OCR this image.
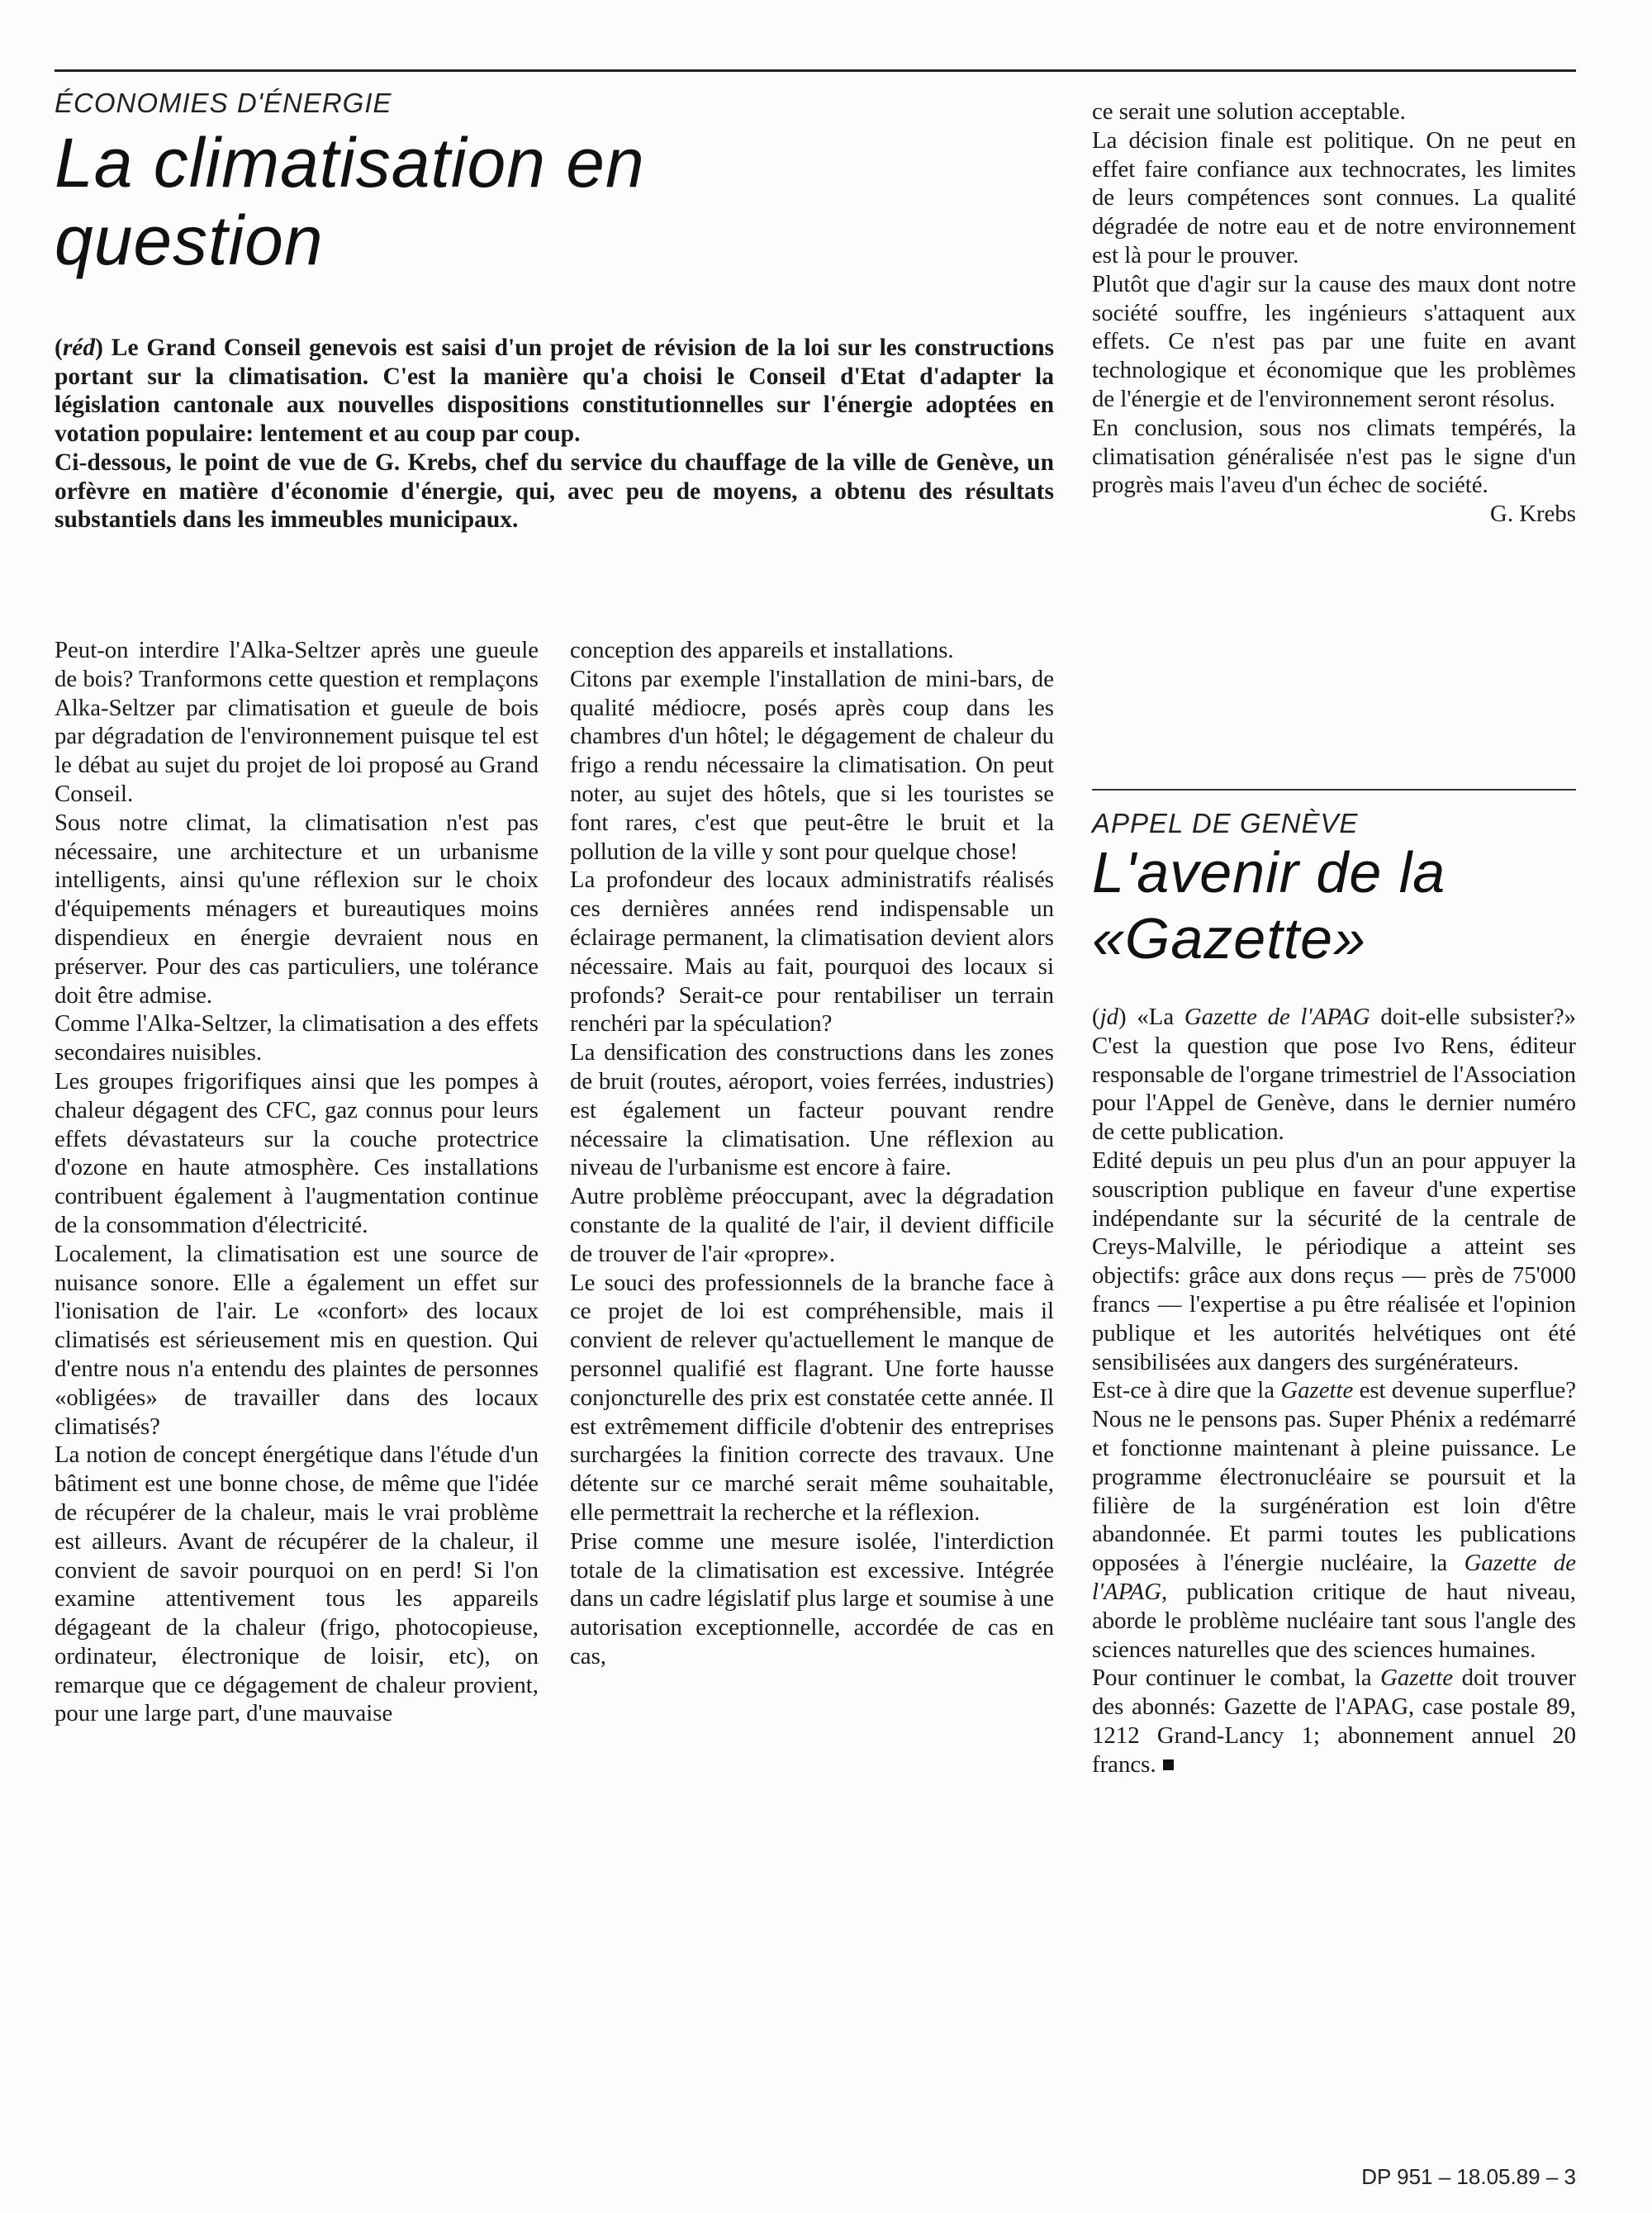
ÉCONOMIES D'ÉNERGIE
La climatisation en
question

(réd) Le Grand Conseil genevois est saisi d'un projet de révision de la loi sur les constructions portant sur la climatisation. C'est la manière qu'a choisi le Conseil d'Etat d'adapter la législation cantonale aux nouvelles dispositions constitutionnelles sur l'énergie adoptées en votation populaire: lentement et au coup par coup.

Ci-dessous, le point de vue de G. Krebs, chef du service du chauffage de la ville de Genève, un orfèvre en matière d'économie d'énergie, qui, avec peu de moyens, a obtenu des résultats substantiels dans les immeubles municipaux.

Peut-on interdire l'Alka-Seltzer après une gueule de bois? Tranformons cette question et remplaçons Alka-Seltzer par climatisation et gueule de bois par dégradation de l'environnement puisque tel est le débat au sujet du projet de loi proposé au Grand Conseil.

Sous notre climat, la climatisation n'est pas nécessaire, une architecture et un urbanisme intelligents, ainsi qu'une réflexion sur le choix d'équipements ménagers et bureautiques moins dispendieux en énergie devraient nous en préserver. Pour des cas particuliers, une tolérance doit être admise.

Comme l'Alka-Seltzer, la climatisation a des effets secondaires nuisibles.

Les groupes frigorifiques ainsi que les pompes à chaleur dégagent des CFC, gaz connus pour leurs effets dévastateurs sur la couche protectrice d'ozone en haute atmosphère. Ces installations contribuent également à l'augmentation continue de la consommation d'électricité.

Localement, la climatisation est une source de nuisance sonore. Elle a également un effet sur l'ionisation de l'air. Le «confort» des locaux climatisés est sérieusement mis en question. Qui d'entre nous n'a entendu des plaintes de personnes «obligées» de travailler dans des locaux climatisés?

La notion de concept énergétique dans l'étude d'un bâtiment est une bonne chose, de même que l'idée de récupérer de la chaleur, mais le vrai problème est ailleurs. Avant de récupérer de la chaleur, il convient de savoir pourquoi on en perd! Si l'on examine attentivement tous les appareils dégageant de la chaleur (frigo, photocopieuse, ordinateur, électronique de loisir, etc), on remarque que ce dégagement de chaleur provient, pour une large part, d'une mauvaise

conception des appareils et installations.

Citons par exemple l'installation de mini-bars, de qualité médiocre, posés après coup dans les chambres d'un hôtel; le dégagement de chaleur du frigo a rendu nécessaire la climatisation. On peut noter, au sujet des hôtels, que si les touristes se font rares, c'est que peut-être le bruit et la pollution de la ville y sont pour quelque chose!

La profondeur des locaux administratifs réalisés ces dernières années rend indispensable un éclairage permanent, la climatisation devient alors nécessaire. Mais au fait, pourquoi des locaux si profonds? Serait-ce pour rentabiliser un terrain renchéri par la spéculation?

La densification des constructions dans les zones de bruit (routes, aéroport, voies ferrées, industries) est également un facteur pouvant rendre nécessaire la climatisation. Une réflexion au niveau de l'urbanisme est encore à faire.

Autre problème préoccupant, avec la dégradation constante de la qualité de l'air, il devient difficile de trouver de l'air «propre».

Le souci des professionnels de la branche face à ce projet de loi est compréhensible, mais il convient de relever qu'actuellement le manque de personnel qualifié est flagrant. Une forte hausse conjoncturelle des prix est constatée cette année. Il est extrêmement difficile d'obtenir des entreprises surchargées la finition correcte des travaux. Une détente sur ce marché serait même souhaitable, elle permettrait la recherche et la réflexion.

Prise comme une mesure isolée, l'interdiction totale de la climatisation est excessive. Intégrée dans un cadre législatif plus large et soumise à une autorisation exceptionnelle, accordée de cas en cas,

ce serait une solution acceptable.

La décision finale est politique. On ne peut en effet faire confiance aux technocrates, les limites de leurs compétences sont connues. La qualité dégradée de notre eau et de notre environnement est là pour le prouver.

Plutôt que d'agir sur la cause des maux dont notre société souffre, les ingénieurs s'attaquent aux effets. Ce n'est pas par une fuite en avant technologique et économique que les problèmes de l'énergie et de l'environnement seront résolus.

En conclusion, sous nos climats tempérés, la climatisation généralisée n'est pas le signe d'un progrès mais l'aveu d'un échec de société.

G. Krebs

APPEL DE GENÈVE
L'avenir de la
«Gazette»

(jd) «La Gazette de l'APAG doit-elle subsister?» C'est la question que pose Ivo Rens, éditeur responsable de l'organe trimestriel de l'Association pour l'Appel de Genève, dans le dernier numéro de cette publication.

Edité depuis un peu plus d'un an pour appuyer la souscription publique en faveur d'une expertise indépendante sur la sécurité de la centrale de Creys-Malville, le périodique a atteint ses objectifs: grâce aux dons reçus — près de 75'000 francs — l'expertise a pu être réalisée et l'opinion publique et les autorités helvétiques ont été sensibilisées aux dangers des surgénérateurs.

Est-ce à dire que la Gazette est devenue superflue? Nous ne le pensons pas. Super Phénix a redémarré et fonctionne maintenant à pleine puissance. Le programme électronucléaire se poursuit et la filière de la surgénération est loin d'être abandonnée. Et parmi toutes les publications opposées à l'énergie nucléaire, la Gazette de l'APAG, publication critique de haut niveau, aborde le problème nucléaire tant sous l'angle des sciences naturelles que des sciences humaines.

Pour continuer le combat, la Gazette doit trouver des abonnés: Gazette de l'APAG, case postale 89, 1212 Grand-Lancy 1; abonnement annuel 20 francs.

DP 951 – 18.05.89 – 3
